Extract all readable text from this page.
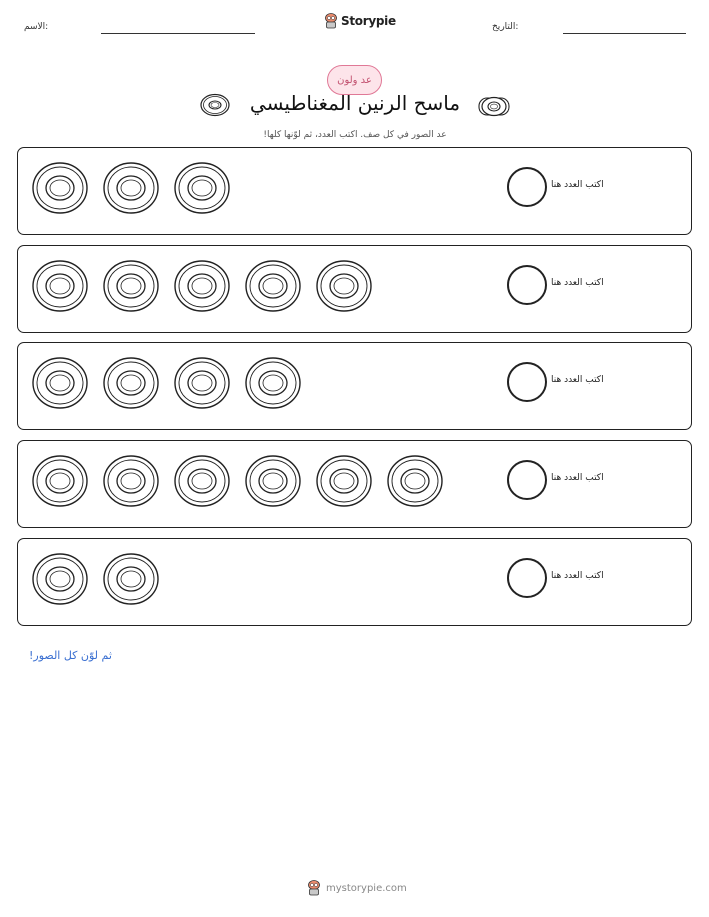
الاسم:	Storypie	التاريخ:
عد ولون
ماسح الرنين المغناطيسي
عد الصور في كل صف. اكتب العدد، ثم لوّنها كلها!
اكتب العدد هنا
اكتب العدد هنا
اكتب العدد هنا
اكتب العدد هنا
اكتب العدد هنا
ثم لوّن كل الصور!
mystorypie.com
